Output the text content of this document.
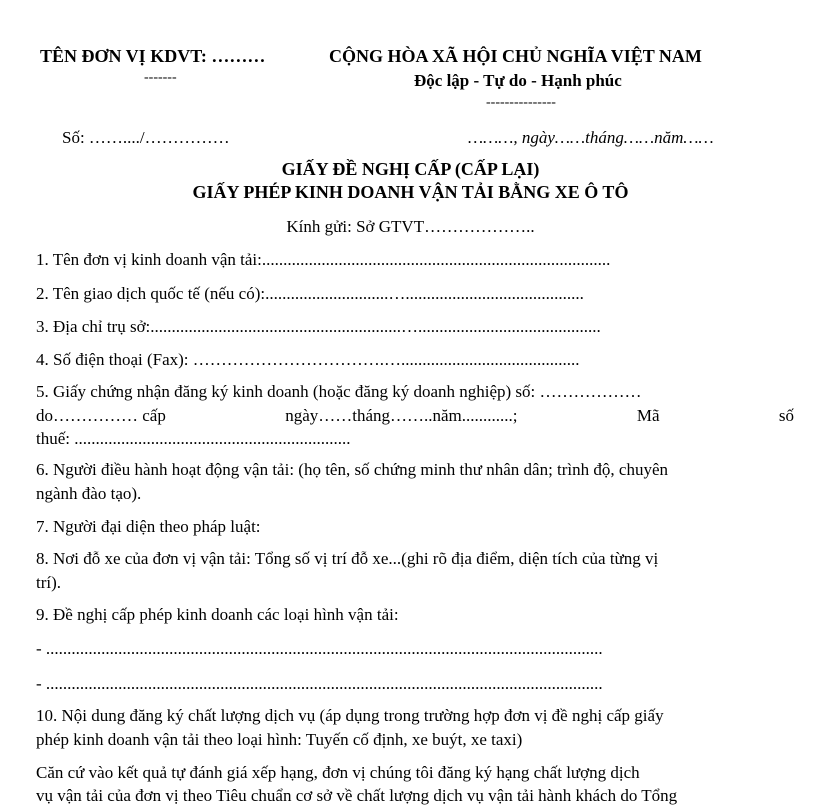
TÊN ĐƠN VỊ KDVT: ………
-------
CỘNG HÒA XÃ HỘI CHỦ NGHĨA VIỆT NAM
Độc lập - Tự do - Hạnh phúc
---------------
Số: ……..../……………	………, ngày……tháng……năm……
GIẤY ĐỀ NGHỊ CẤP (CẤP LẠI)
GIẤY PHÉP KINH DOANH VẬN TẢI BẰNG XE Ô TÔ
Kính gửi: Sở GTVT………………..
1. Tên đơn vị kinh doanh vận tải:..................................................................................
2. Tên giao dịch quốc tế (nếu có):.............................…..........................................
3. Địa chỉ trụ sở:...........................................................…...........................................
4. Số điện thoại (Fax): …………………………….…..........................................
5. Giấy chứng nhận đăng ký kinh doanh (hoặc đăng ký doanh nghiệp) số: ………………
do…………… cấp	ngày……tháng……..năm............;	Mã	số
thuế: .................................................................
6. Người điều hành hoạt động vận tải: (họ tên, số chứng minh thư nhân dân; trình độ, chuyên
ngành đào tạo).
7. Người đại diện theo pháp luật:
8. Nơi đỗ xe của đơn vị vận tải: Tổng số vị trí đỗ xe...(ghi rõ địa điểm, diện tích của từng vị
trí).
9. Đề nghị cấp phép kinh doanh các loại hình vận tải:
- ...................................................................................................................................
- ...................................................................................................................................
10. Nội dung đăng ký chất lượng dịch vụ (áp dụng trong trường hợp đơn vị đề nghị cấp giấy
phép kinh doanh vận tải theo loại hình: Tuyến cố định, xe buýt, xe taxi)
Căn cứ vào kết quả tự đánh giá xếp hạng, đơn vị chúng tôi đăng ký hạng chất lượng dịch
vụ vận tải của đơn vị theo Tiêu chuẩn cơ sở về chất lượng dịch vụ vận tải hành khách do Tổng
